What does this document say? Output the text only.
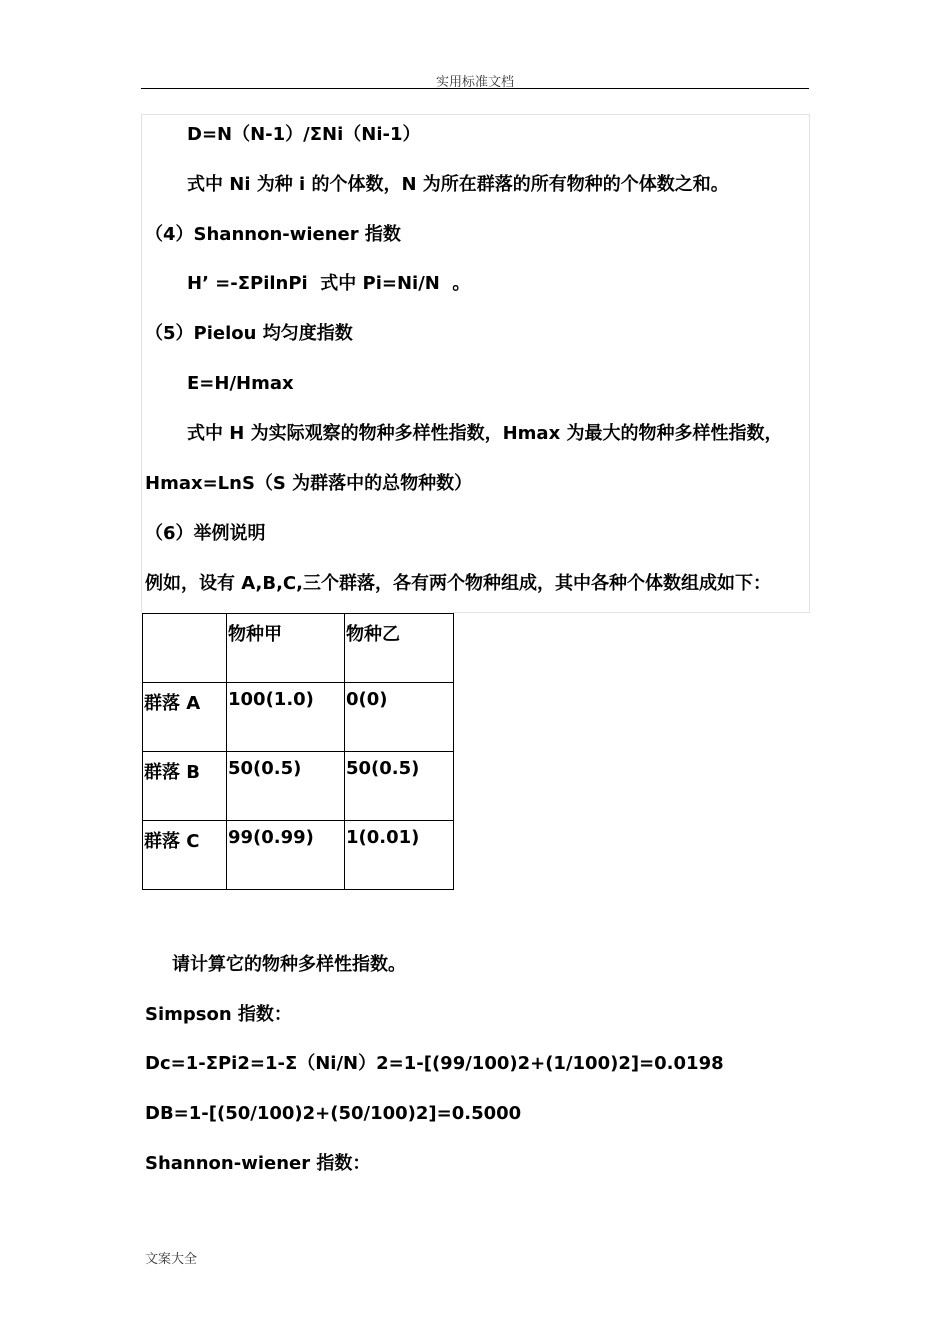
实用标准文档
D=N（N-1）/ΣNi（Ni-1）
式中 Ni 为种 i 的个体数，N 为所在群落的所有物种的个体数之和。
（4）Shannon-wiener 指数
H’ =-ΣPilnPi  式中 Pi=Ni/N  。
（5）Pielou 均匀度指数
E=H/Hmax
式中 H 为实际观察的物种多样性指数，Hmax 为最大的物种多样性指数，
Hmax=LnS（S 为群落中的总物种数）
（6）举例说明
例如，设有 A,B,C,三个群落，各有两个物种组成，其中各种个体数组成如下：
	物种甲	物种乙
群落 A	100(1.0)	0(0)
群落 B	50(0.5)	50(0.5)
群落 C	99(0.99)	1(0.01)
请计算它的物种多样性指数。
Simpson 指数：
Dc=1-ΣPi2=1-Σ（Ni/N）2=1-[(99/100)2+(1/100)2]=0.0198
DB=1-[(50/100)2+(50/100)2]=0.5000
Shannon-wiener 指数：
文案大全
